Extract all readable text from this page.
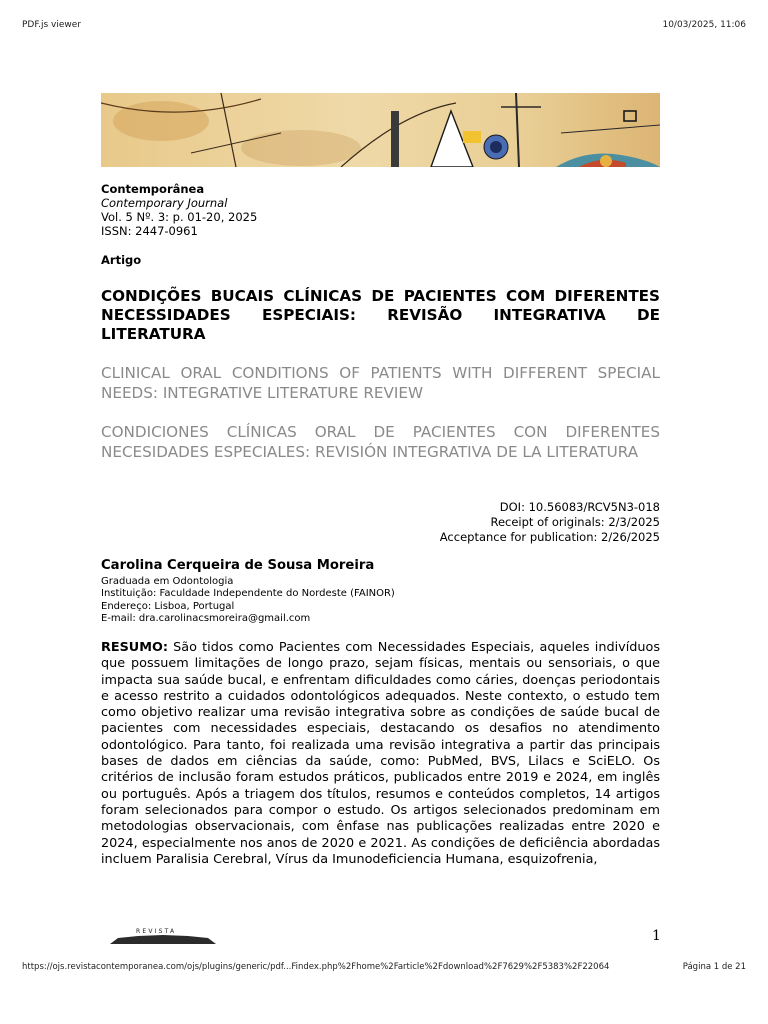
PDF.js viewer	10/03/2025, 11:06
Contemporânea
Contemporary Journal
Vol. 5 Nº. 3: p. 01-20, 2025
ISSN: 2447-0961
Artigo
CONDIÇÕES BUCAIS CLÍNICAS DE PACIENTES COM DIFERENTES NECESSIDADES ESPECIAIS: REVISÃO INTEGRATIVA DE LITERATURA
CLINICAL ORAL CONDITIONS OF PATIENTS WITH DIFFERENT SPECIAL NEEDS: INTEGRATIVE LITERATURE REVIEW
CONDICIONES CLÍNICAS ORAL DE PACIENTES CON DIFERENTES NECESIDADES ESPECIALES: REVISIÓN INTEGRATIVA DE LA LITERATURA
DOI: 10.56083/RCV5N3-018
Receipt of originals: 2/3/2025
Acceptance for publication: 2/26/2025
Carolina Cerqueira de Sousa Moreira
Graduada em Odontologia
Instituição: Faculdade Independente do Nordeste (FAINOR)
Endereço: Lisboa, Portugal
E-mail: dra.carolinacsmoreira@gmail.com
RESUMO: São tidos como Pacientes com Necessidades Especiais, aqueles indivíduos que possuem limitações de longo prazo, sejam físicas, mentais ou sensoriais, o que impacta sua saúde bucal, e enfrentam dificuldades como cáries, doenças periodontais e acesso restrito a cuidados odontológicos adequados. Neste contexto, o estudo tem como objetivo realizar uma revisão integrativa sobre as condições de saúde bucal de pacientes com necessidades especiais, destacando os desafios no atendimento odontológico. Para tanto, foi realizada uma revisão integrativa a partir das principais bases de dados em ciências da saúde, como: PubMed, BVS, Lilacs e SciELO. Os critérios de inclusão foram estudos práticos, publicados entre 2019 e 2024, em inglês ou português. Após a triagem dos títulos, resumos e conteúdos completos, 14 artigos foram selecionados para compor o estudo. Os artigos selecionados predominam em metodologias observacionais, com ênfase nas publicações realizadas entre 2020 e 2024, especialmente nos anos de 2020 e 2021. As condições de deficiência abordadas incluem Paralisia Cerebral, Vírus da Imunodeficiencia Humana, esquizofrenia,
REVISTA	1
https://ojs.revistacontemporanea.com/ojs/plugins/generic/pdf...Findex.php%2Fhome%2Farticle%2Fdownload%2F7629%2F5383%2F22064	Página 1 de 21
